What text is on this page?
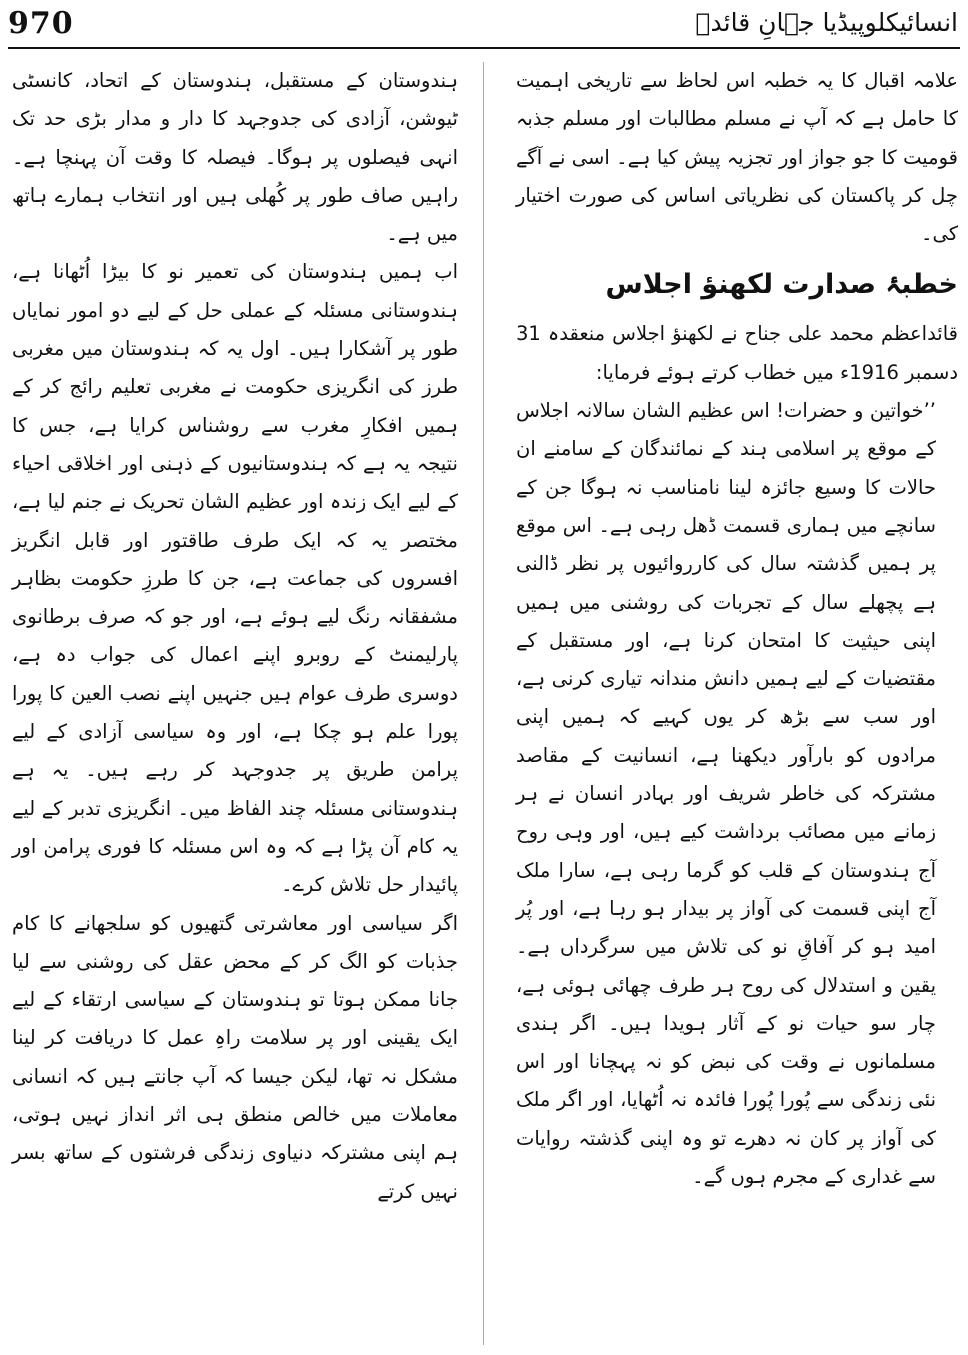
970	انسائیکلوپیڈیا جہانِ قائدؒ

علامہ اقبال کا یہ خطبہ اس لحاظ سے تاریخی اہمیت کا حامل ہے کہ آپ نے مسلم مطالبات اور مسلم جذبہ قومیت کا جو جواز اور تجزیہ پیش کیا ہے۔ اسی نے آگے چل کر پاکستان کی نظریاتی اساس کی صورت اختیار کی۔

خطبۂ صدارت لکھنؤ اجلاس

قائداعظم محمد علی جناح نے لکھنؤ اجلاس منعقدہ 31 دسمبر 1916ء میں خطاب کرتے ہوئے فرمایا:

’’خواتین و حضرات! اس عظیم الشان سالانہ اجلاس کے موقع پر اسلامی ہند کے نمائندگان کے سامنے ان حالات کا وسیع جائزہ لینا نامناسب نہ ہوگا جن کے سانچے میں ہماری قسمت ڈھل رہی ہے۔ اس موقع پر ہمیں گذشتہ سال کی کارروائیوں پر نظر ڈالنی ہے پچھلے سال کے تجربات کی روشنی میں ہمیں اپنی حیثیت کا امتحان کرنا ہے، اور مستقبل کے مقتضیات کے لیے ہمیں دانش مندانہ تیاری کرنی ہے، اور سب سے بڑھ کر یوں کہیے کہ ہمیں اپنی مرادوں کو بارآور دیکھنا ہے، انسانیت کے مقاصد مشترکہ کی خاطر شریف اور بہادر انسان نے ہر زمانے میں مصائب برداشت کیے ہیں، اور وہی روح آج ہندوستان کے قلب کو گرما رہی ہے، سارا ملک آج اپنی قسمت کی آواز پر بیدار ہو رہا ہے، اور پُر امید ہو کر آفاقِ نو کی تلاش میں سرگرداں ہے۔ یقین و استدلال کی روح ہر طرف چھائی ہوئی ہے، چار سو حیات نو کے آثار ہویدا ہیں۔ اگر ہندی مسلمانوں نے وقت کی نبض کو نہ پہچانا اور اس نئی زندگی سے پُورا پُورا فائدہ نہ اُٹھایا، اور اگر ملک کی آواز پر کان نہ دھرے تو وہ اپنی گذشتہ روایات سے غداری کے مجرم ہوں گے۔

ہندوستان کے مستقبل، ہندوستان کے اتحاد، کانسٹی ٹیوشن، آزادی کی جدوجہد کا دار و مدار بڑی حد تک انہی فیصلوں پر ہوگا۔ فیصلہ کا وقت آن پہنچا ہے۔ راہیں صاف طور پر کُھلی ہیں اور انتخاب ہمارے ہاتھ میں ہے۔

اب ہمیں ہندوستان کی تعمیر نو کا بیڑا اُٹھانا ہے، ہندوستانی مسئلہ کے عملی حل کے لیے دو امور نمایاں طور پر آشکارا ہیں۔ اول یہ کہ ہندوستان میں مغربی طرز کی انگریزی حکومت نے مغربی تعلیم رائج کر کے ہمیں افکارِ مغرب سے روشناس کرایا ہے، جس کا نتیجہ یہ ہے کہ ہندوستانیوں کے ذہنی اور اخلاقی احیاء کے لیے ایک زندہ اور عظیم الشان تحریک نے جنم لیا ہے، مختصر یہ کہ ایک طرف طاقتور اور قابل انگریز افسروں کی جماعت ہے، جن کا طرزِ حکومت بظاہر مشفقانہ رنگ لیے ہوئے ہے، اور جو کہ صرف برطانوی پارلیمنٹ کے روبرو اپنے اعمال کی جواب دہ ہے، دوسری طرف عوام ہیں جنہیں اپنے نصب العین کا پورا پورا علم ہو چکا ہے، اور وہ سیاسی آزادی کے لیے پرامن طریق پر جدوجہد کر رہے ہیں۔ یہ ہے ہندوستانی مسئلہ چند الفاظ میں۔ انگریزی تدبر کے لیے یہ کام آن پڑا ہے کہ وہ اس مسئلہ کا فوری پرامن اور پائیدار حل تلاش کرے۔

اگر سیاسی اور معاشرتی گتھیوں کو سلجھانے کا کام جذبات کو الگ کر کے محض عقل کی روشنی سے لیا جانا ممکن ہوتا تو ہندوستان کے سیاسی ارتقاء کے لیے ایک یقینی اور پر سلامت راہِ عمل کا دریافت کر لینا مشکل نہ تھا، لیکن جیسا کہ آپ جانتے ہیں کہ انسانی معاملات میں خالص منطق ہی اثر انداز نہیں ہوتی، ہم اپنی مشترکہ دنیاوی زندگی فرشتوں کے ساتھ بسر نہیں کرتے
